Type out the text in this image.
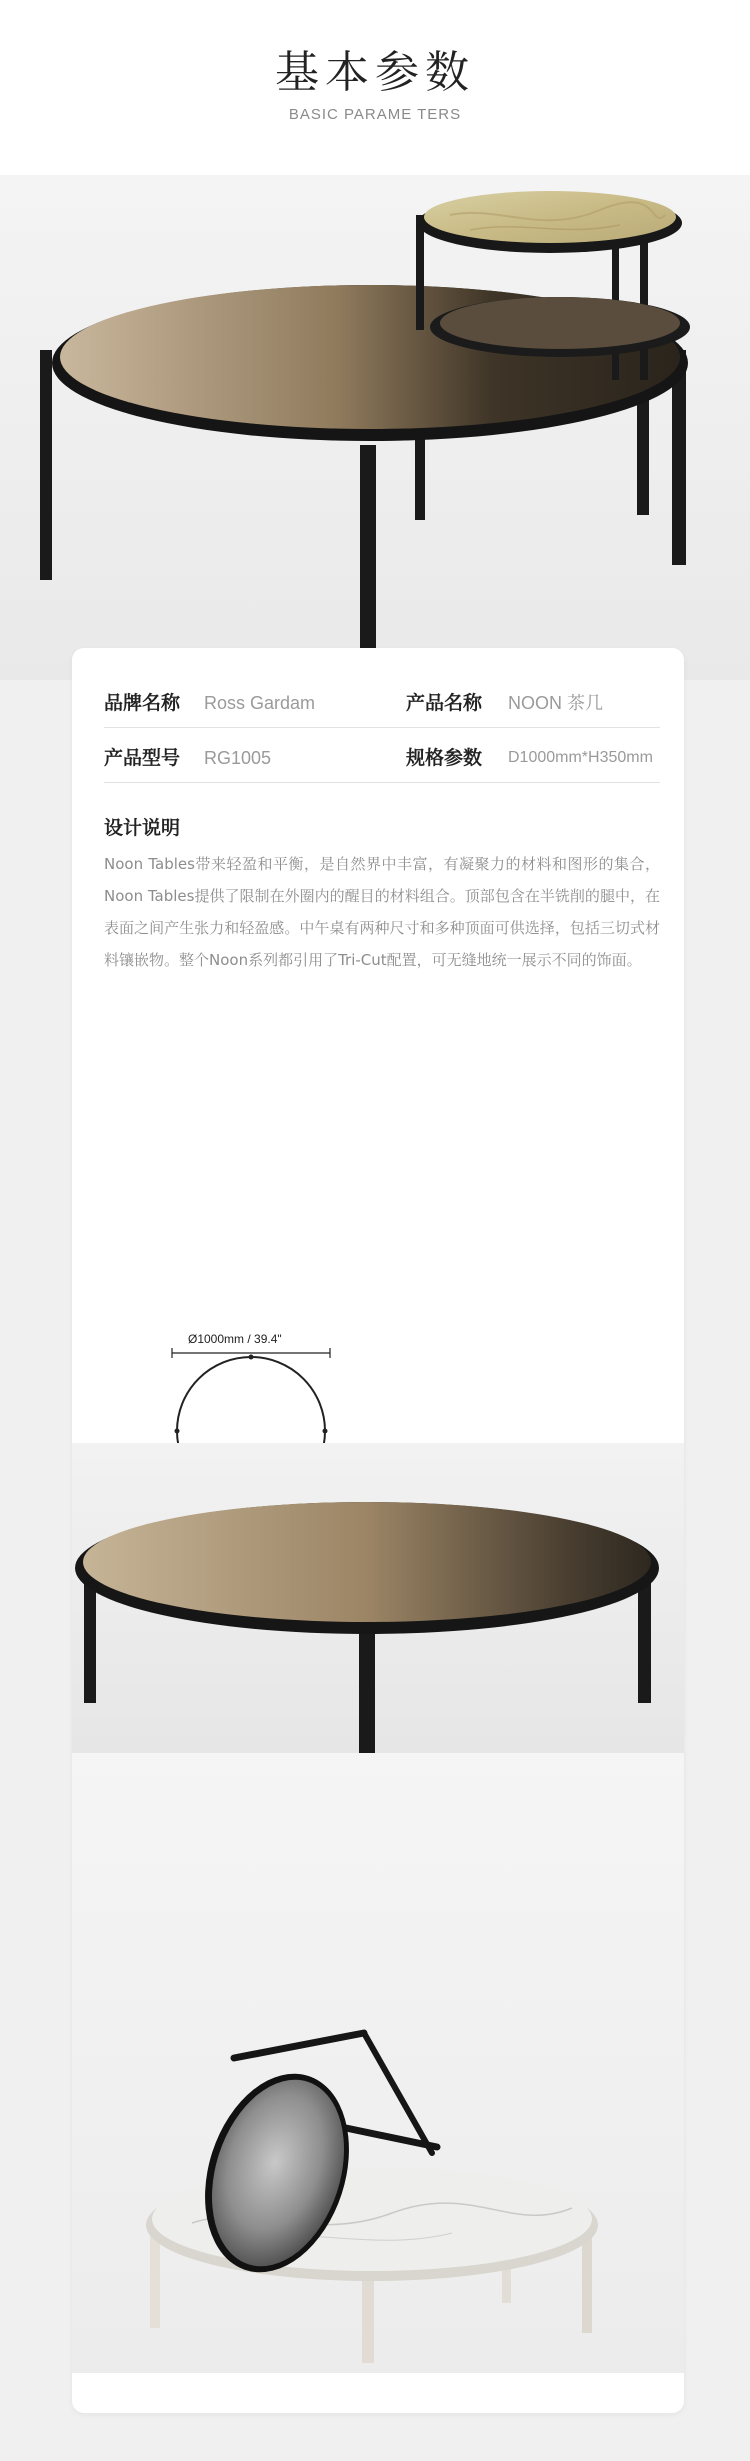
基本参数
BASIC PARAME TERS
品牌名称 Ross Gardam	产品名称 NOON 茶几
产品型号 RG1005	规格参数 D1000mm*H350mm
设计说明
Noon Tables带来轻盈和平衡，是自然界中丰富，有凝聚力的材料和图形的集合，Noon Tables提供了限制在外圈内的醒目的材料组合。顶部包含在半铣削的腿中，在表面之间产生张力和轻盈感。中午桌有两种尺寸和多种顶面可供选择，包括三切式材料镶嵌物。整个Noon系列都引用了Tri-Cut配置，可无缝地统一展示不同的饰面。
Ø1000mm / 39.4"
